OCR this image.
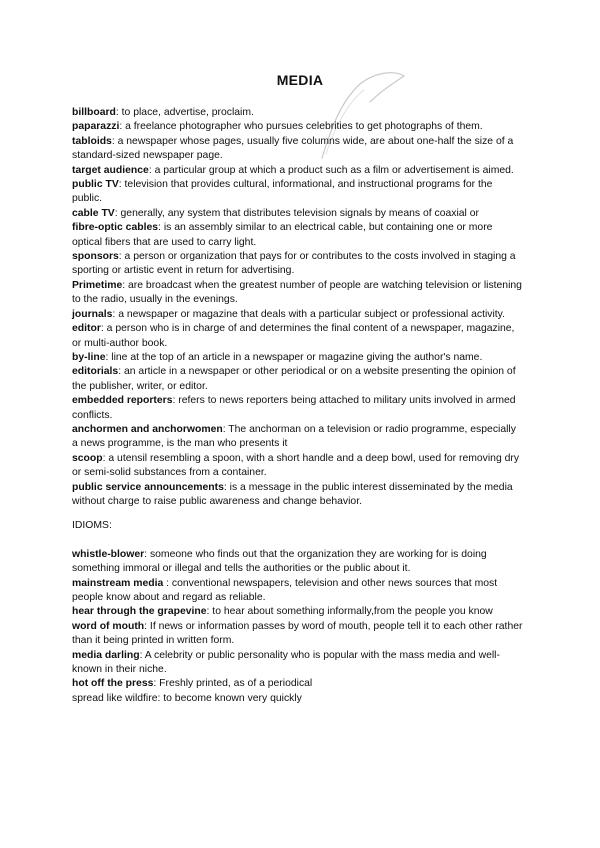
MEDIA

billboard: to place, advertise, proclaim.

paparazzi: a freelance photographer who pursues celebrities to get photographs of them.

tabloids: a newspaper whose pages, usually five columns wide, are about one-half the size of a standard-sized newspaper page.

target audience: a particular group at which a product such as a film or advertisement is aimed.

public TV: television that provides cultural, informational, and instructional programs for the public.

cable TV: generally, any system that distributes television signals by means of coaxial or

fibre-optic cables: is an assembly similar to an electrical cable, but containing one or more optical fibers that are used to carry light.

sponsors: a person or organization that pays for or contributes to the costs involved in staging a sporting or artistic event in return for advertising.

Primetime: are broadcast when the greatest number of people are watching television or listening to the radio, usually in the evenings.

journals: a newspaper or magazine that deals with a particular subject or professional activity.

editor: a person who is in charge of and determines the final content of a newspaper, magazine, or multi-author book.

by-line: line at the top of an article in a newspaper or magazine giving the author's name.

editorials: an article in a newspaper or other periodical or on a website presenting the opinion of the publisher, writer, or editor.

embedded reporters: refers to news reporters being attached to military units involved in armed conflicts.

anchormen and anchorwomen: The anchorman on a television or radio programme, especially a news programme, is the man who presents it

scoop: a utensil resembling a spoon, with a short handle and a deep bowl, used for removing dry or semi-solid substances from a container.

public service announcements: is a message in the public interest disseminated by the media without charge to raise public awareness and change behavior.

IDIOMS:

whistle-blower: someone who finds out that the organization they are working for is doing something immoral or illegal and tells the authorities or the public about it.

mainstream media : conventional newspapers, television and other news sources that most people know about and regard as reliable.

hear through the grapevine: to hear about something informally,from the people you know

word of mouth: If news or information passes by word of mouth, people tell it to each other rather than it being printed in written form.

media darling: A celebrity or public personality who is popular with the mass media and well-known in their niche.

hot off the press: Freshly printed, as of a periodical

spread like wildfire: to become known very quickly
